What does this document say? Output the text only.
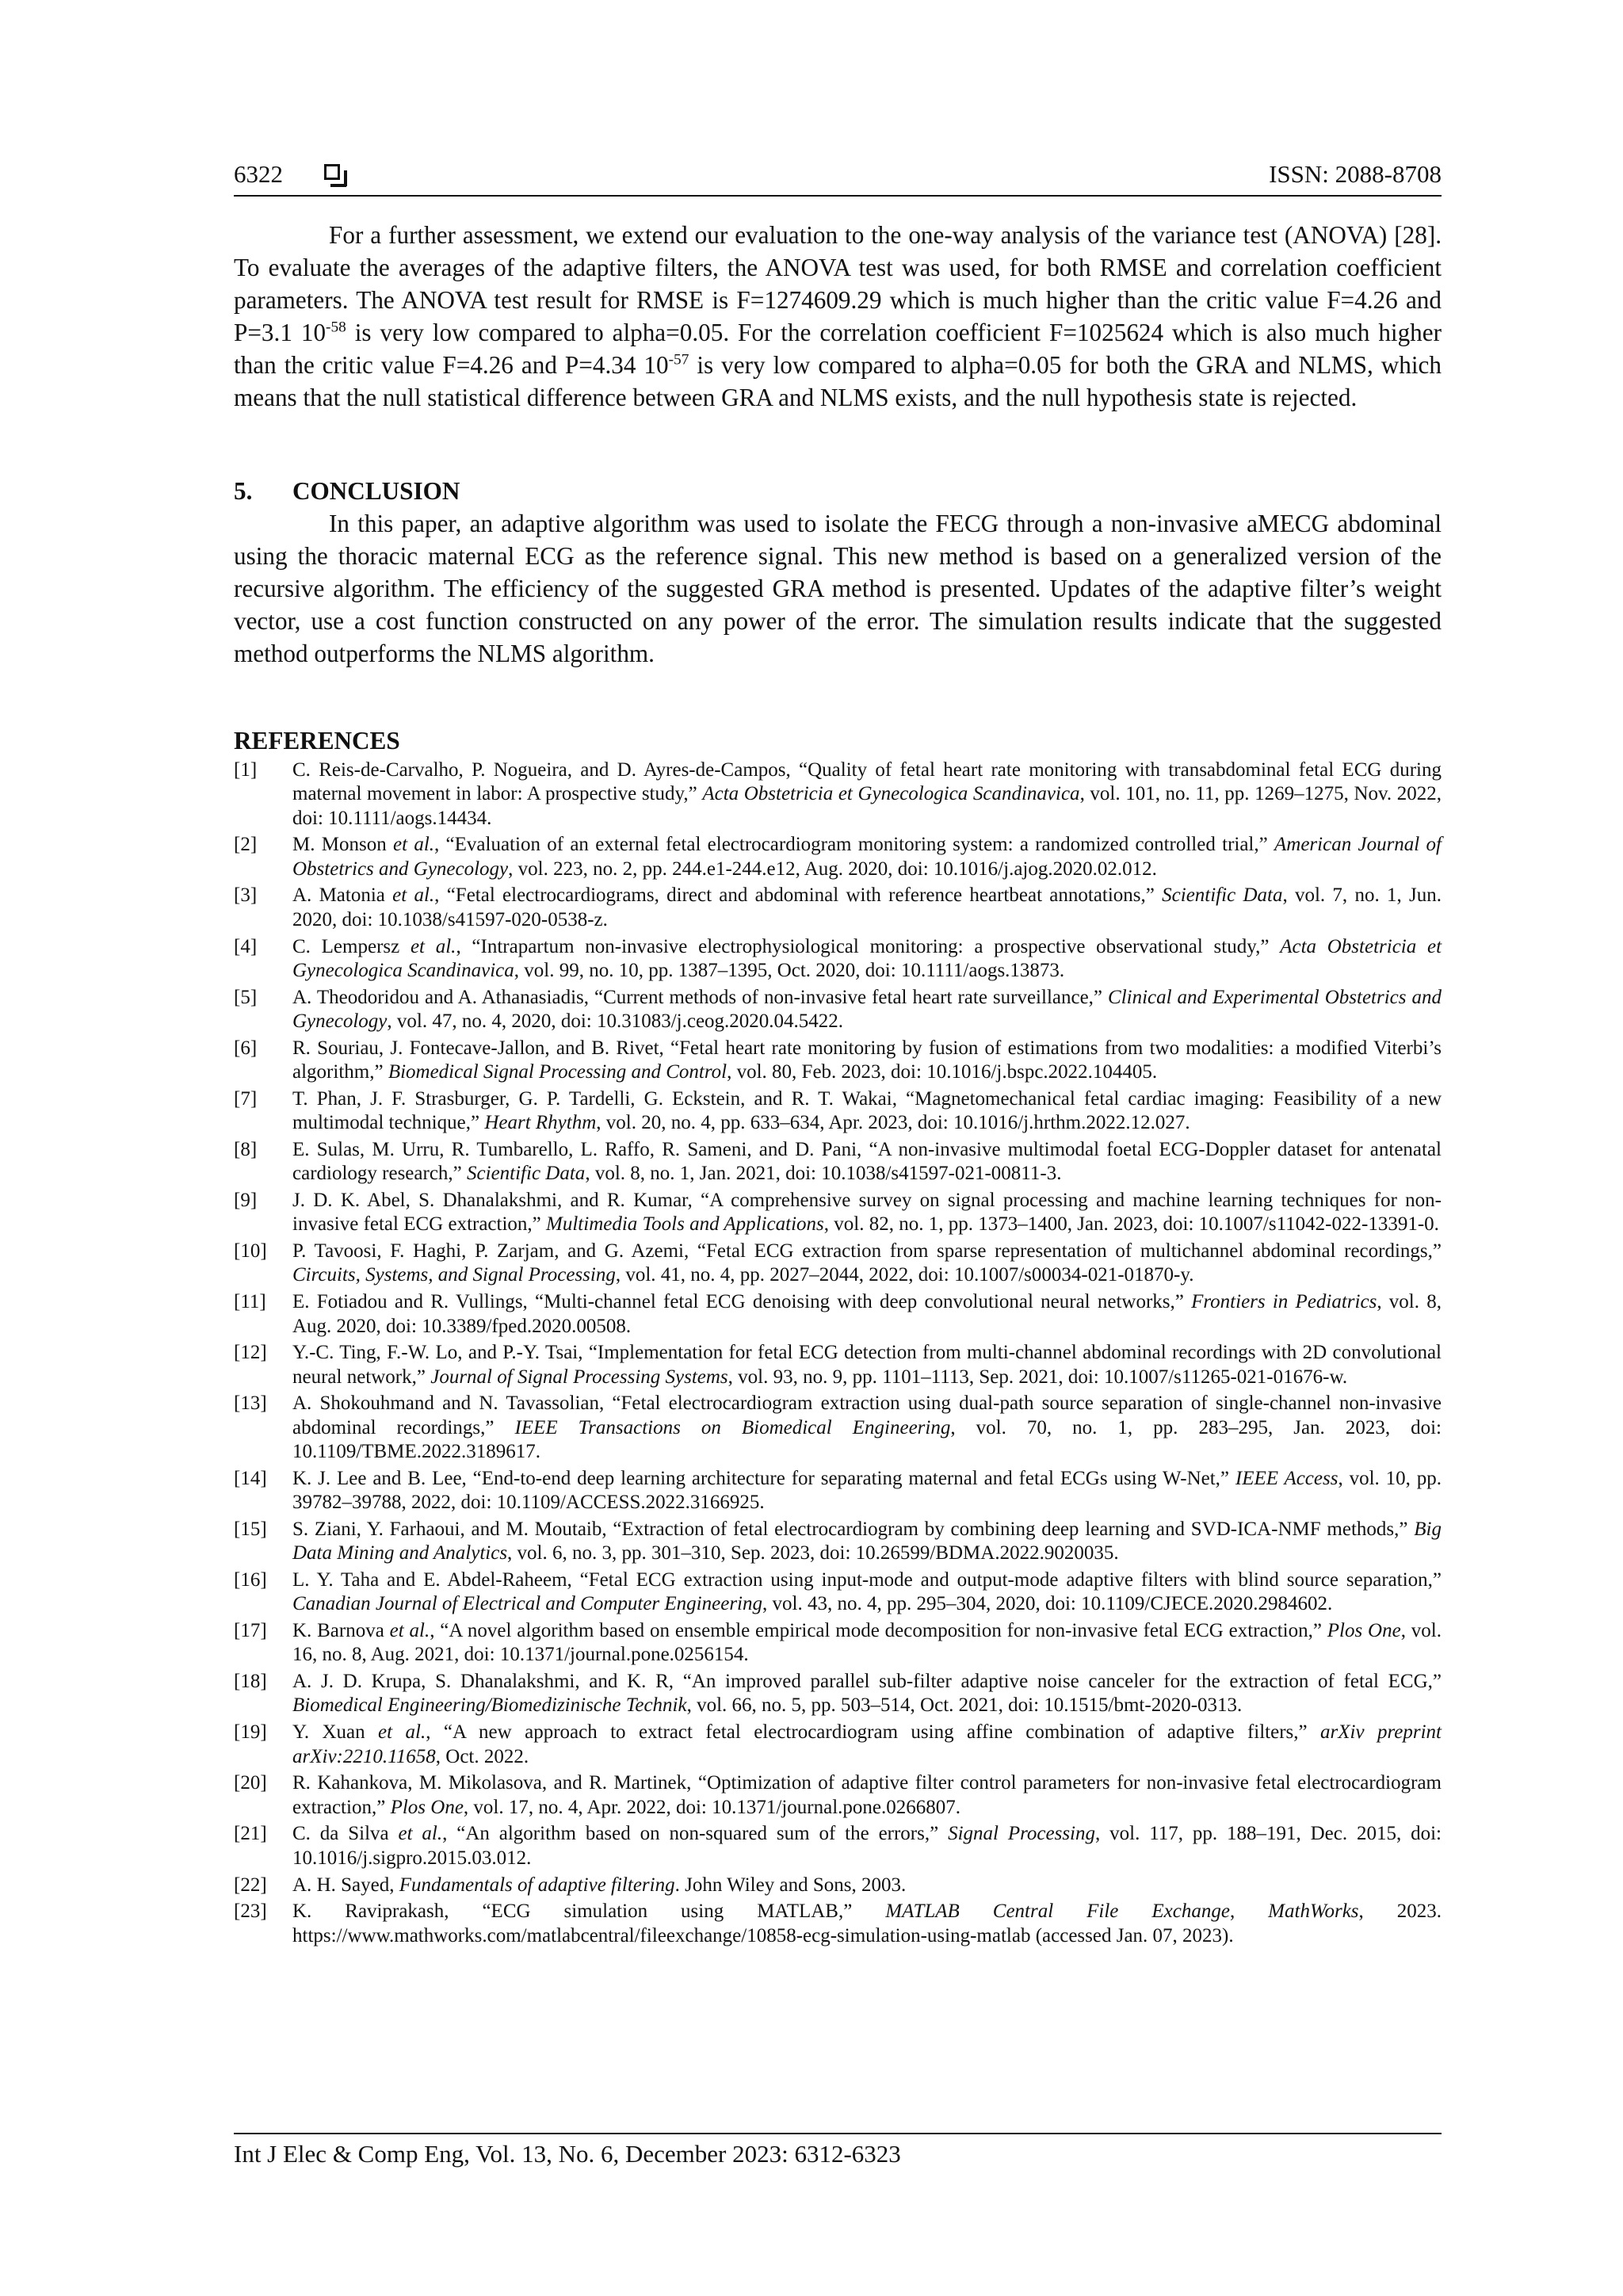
6322	ISSN: 2088-8708

For a further assessment, we extend our evaluation to the one-way analysis of the variance test (ANOVA) [28]. To evaluate the averages of the adaptive filters, the ANOVA test was used, for both RMSE and correlation coefficient parameters. The ANOVA test result for RMSE is F=1274609.29 which is much higher than the critic value F=4.26 and P=3.1 $10^{-58}$ is very low compared to alpha=0.05. For the correlation coefficient F=1025624 which is also much higher than the critic value F=4.26 and P=4.34 $10^{-57}$ is very low compared to alpha=0.05 for both the GRA and NLMS, which means that the null statistical difference between GRA and NLMS exists, and the null hypothesis state is rejected.

5. CONCLUSION

In this paper, an adaptive algorithm was used to isolate the FECG through a non-invasive aMECG abdominal using the thoracic maternal ECG as the reference signal. This new method is based on a generalized version of the recursive algorithm. The efficiency of the suggested GRA method is presented. Updates of the adaptive filter’s weight vector, use a cost function constructed on any power of the error. The simulation results indicate that the suggested method outperforms the NLMS algorithm.

REFERENCES
[1] C. Reis-de-Carvalho, P. Nogueira, and D. Ayres-de-Campos, “Quality of fetal heart rate monitoring with transabdominal fetal ECG during maternal movement in labor: A prospective study,” Acta Obstetricia et Gynecologica Scandinavica, vol. 101, no. 11, pp. 1269–1275, Nov. 2022, doi: 10.1111/aogs.14434.
[2] M. Monson et al., “Evaluation of an external fetal electrocardiogram monitoring system: a randomized controlled trial,” American Journal of Obstetrics and Gynecology, vol. 223, no. 2, pp. 244.e1-244.e12, Aug. 2020, doi: 10.1016/j.ajog.2020.02.012.
[3] A. Matonia et al., “Fetal electrocardiograms, direct and abdominal with reference heartbeat annotations,” Scientific Data, vol. 7, no. 1, Jun. 2020, doi: 10.1038/s41597-020-0538-z.
[4] C. Lempersz et al., “Intrapartum non-invasive electrophysiological monitoring: a prospective observational study,” Acta Obstetricia et Gynecologica Scandinavica, vol. 99, no. 10, pp. 1387–1395, Oct. 2020, doi: 10.1111/aogs.13873.
[5] A. Theodoridou and A. Athanasiadis, “Current methods of non-invasive fetal heart rate surveillance,” Clinical and Experimental Obstetrics and Gynecology, vol. 47, no. 4, 2020, doi: 10.31083/j.ceog.2020.04.5422.
[6] R. Souriau, J. Fontecave-Jallon, and B. Rivet, “Fetal heart rate monitoring by fusion of estimations from two modalities: a modified Viterbi’s algorithm,” Biomedical Signal Processing and Control, vol. 80, Feb. 2023, doi: 10.1016/j.bspc.2022.104405.
[7] T. Phan, J. F. Strasburger, G. P. Tardelli, G. Eckstein, and R. T. Wakai, “Magnetomechanical fetal cardiac imaging: Feasibility of a new multimodal technique,” Heart Rhythm, vol. 20, no. 4, pp. 633–634, Apr. 2023, doi: 10.1016/j.hrthm.2022.12.027.
[8] E. Sulas, M. Urru, R. Tumbarello, L. Raffo, R. Sameni, and D. Pani, “A non-invasive multimodal foetal ECG-Doppler dataset for antenatal cardiology research,” Scientific Data, vol. 8, no. 1, Jan. 2021, doi: 10.1038/s41597-021-00811-3.
[9] J. D. K. Abel, S. Dhanalakshmi, and R. Kumar, “A comprehensive survey on signal processing and machine learning techniques for non-invasive fetal ECG extraction,” Multimedia Tools and Applications, vol. 82, no. 1, pp. 1373–1400, Jan. 2023, doi: 10.1007/s11042-022-13391-0.
[10] P. Tavoosi, F. Haghi, P. Zarjam, and G. Azemi, “Fetal ECG extraction from sparse representation of multichannel abdominal recordings,” Circuits, Systems, and Signal Processing, vol. 41, no. 4, pp. 2027–2044, 2022, doi: 10.1007/s00034-021-01870-y.
[11] E. Fotiadou and R. Vullings, “Multi-channel fetal ECG denoising with deep convolutional neural networks,” Frontiers in Pediatrics, vol. 8, Aug. 2020, doi: 10.3389/fped.2020.00508.
[12] Y.-C. Ting, F.-W. Lo, and P.-Y. Tsai, “Implementation for fetal ECG detection from multi-channel abdominal recordings with 2D convolutional neural network,” Journal of Signal Processing Systems, vol. 93, no. 9, pp. 1101–1113, Sep. 2021, doi: 10.1007/s11265-021-01676-w.
[13] A. Shokouhmand and N. Tavassolian, “Fetal electrocardiogram extraction using dual-path source separation of single-channel non-invasive abdominal recordings,” IEEE Transactions on Biomedical Engineering, vol. 70, no. 1, pp. 283–295, Jan. 2023, doi: 10.1109/TBME.2022.3189617.
[14] K. J. Lee and B. Lee, “End-to-end deep learning architecture for separating maternal and fetal ECGs using W-Net,” IEEE Access, vol. 10, pp. 39782–39788, 2022, doi: 10.1109/ACCESS.2022.3166925.
[15] S. Ziani, Y. Farhaoui, and M. Moutaib, “Extraction of fetal electrocardiogram by combining deep learning and SVD-ICA-NMF methods,” Big Data Mining and Analytics, vol. 6, no. 3, pp. 301–310, Sep. 2023, doi: 10.26599/BDMA.2022.9020035.
[16] L. Y. Taha and E. Abdel-Raheem, “Fetal ECG extraction using input-mode and output-mode adaptive filters with blind source separation,” Canadian Journal of Electrical and Computer Engineering, vol. 43, no. 4, pp. 295–304, 2020, doi: 10.1109/CJECE.2020.2984602.
[17] K. Barnova et al., “A novel algorithm based on ensemble empirical mode decomposition for non-invasive fetal ECG extraction,” Plos One, vol. 16, no. 8, Aug. 2021, doi: 10.1371/journal.pone.0256154.
[18] A. J. D. Krupa, S. Dhanalakshmi, and K. R, “An improved parallel sub-filter adaptive noise canceler for the extraction of fetal ECG,” Biomedical Engineering/Biomedizinische Technik, vol. 66, no. 5, pp. 503–514, Oct. 2021, doi: 10.1515/bmt-2020-0313.
[19] Y. Xuan et al., “A new approach to extract fetal electrocardiogram using affine combination of adaptive filters,” arXiv preprint arXiv:2210.11658, Oct. 2022.
[20] R. Kahankova, M. Mikolasova, and R. Martinek, “Optimization of adaptive filter control parameters for non-invasive fetal electrocardiogram extraction,” Plos One, vol. 17, no. 4, Apr. 2022, doi: 10.1371/journal.pone.0266807.
[21] C. da Silva et al., “An algorithm based on non-squared sum of the errors,” Signal Processing, vol. 117, pp. 188–191, Dec. 2015, doi: 10.1016/j.sigpro.2015.03.012.
[22] A. H. Sayed, Fundamentals of adaptive filtering. John Wiley and Sons, 2003.
[23] K. Raviprakash, “ECG simulation using MATLAB,” MATLAB Central File Exchange, MathWorks, 2023. https://www.mathworks.com/matlabcentral/fileexchange/10858-ecg-simulation-using-matlab (accessed Jan. 07, 2023).
Int J Elec & Comp Eng, Vol. 13, No. 6, December 2023: 6312-6323
